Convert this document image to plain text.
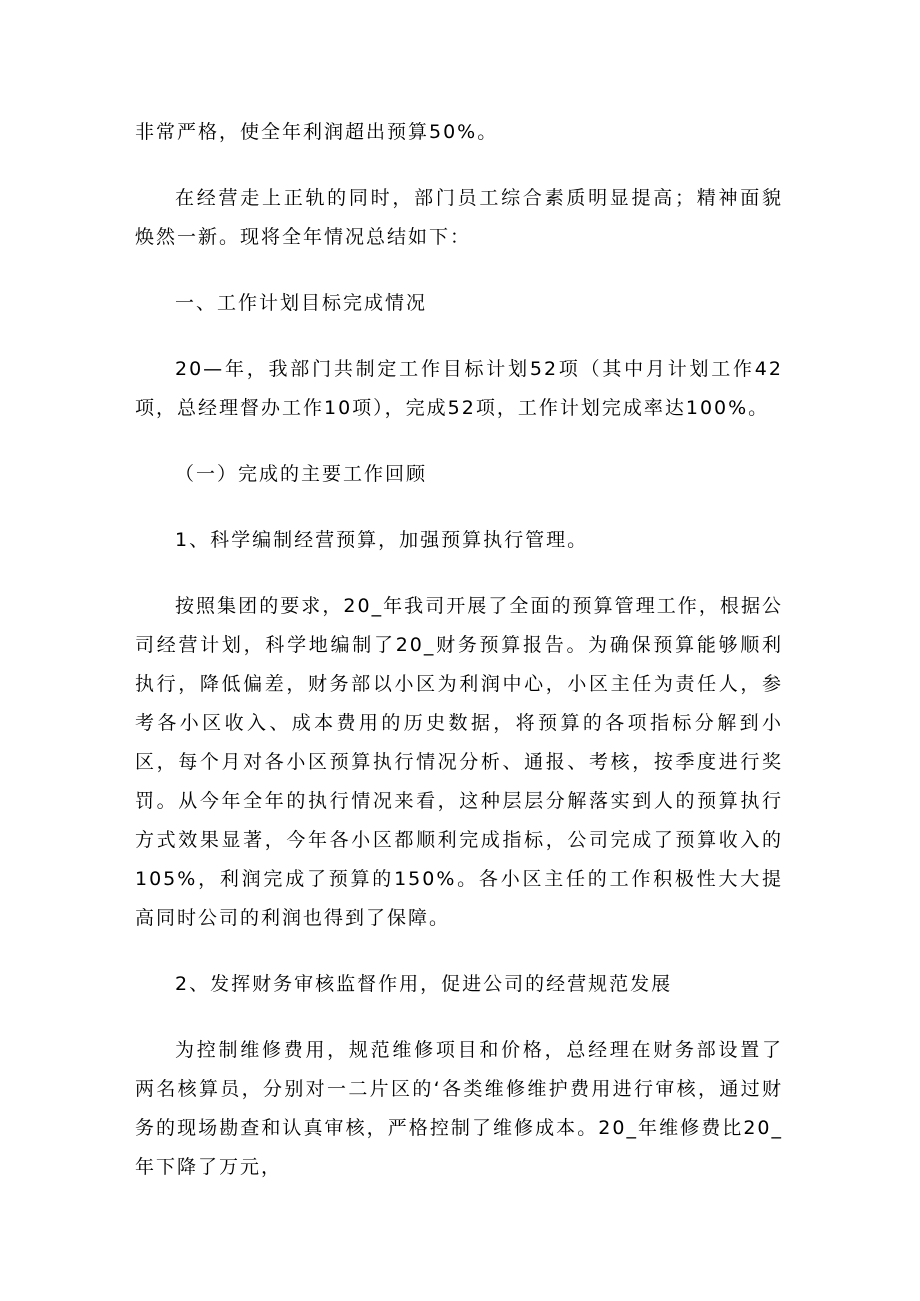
非常严格，使全年利润超出预算50%。

在经营走上正轨的同时，部门员工综合素质明显提高；精神面貌焕然一新。现将全年情况总结如下：

一、工作计划目标完成情况

20—年，我部门共制定工作目标计划52项（其中月计划工作42项，总经理督办工作10项），完成52项，工作计划完成率达100%。

（一）完成的主要工作回顾

1、科学编制经营预算，加强预算执行管理。

按照集团的要求，20_年我司开展了全面的预算管理工作，根据公司经营计划，科学地编制了20_财务预算报告。为确保预算能够顺利执行，降低偏差，财务部以小区为利润中心，小区主任为责任人，参考各小区收入、成本费用的历史数据，将预算的各项指标分解到小区，每个月对各小区预算执行情况分析、通报、考核，按季度进行奖罚。从今年全年的执行情况来看，这种层层分解落实到人的预算执行方式效果显著，今年各小区都顺利完成指标，公司完成了预算收入的105%，利润完成了预算的150%。各小区主任的工作积极性大大提高同时公司的利润也得到了保障。

2、发挥财务审核监督作用，促进公司的经营规范发展

为控制维修费用，规范维修项目和价格，总经理在财务部设置了两名核算员，分别对一二片区的‘各类维修维护费用进行审核，通过财务的现场勘查和认真审核，严格控制了维修成本。20_年维修费比20_年下降了万元，
